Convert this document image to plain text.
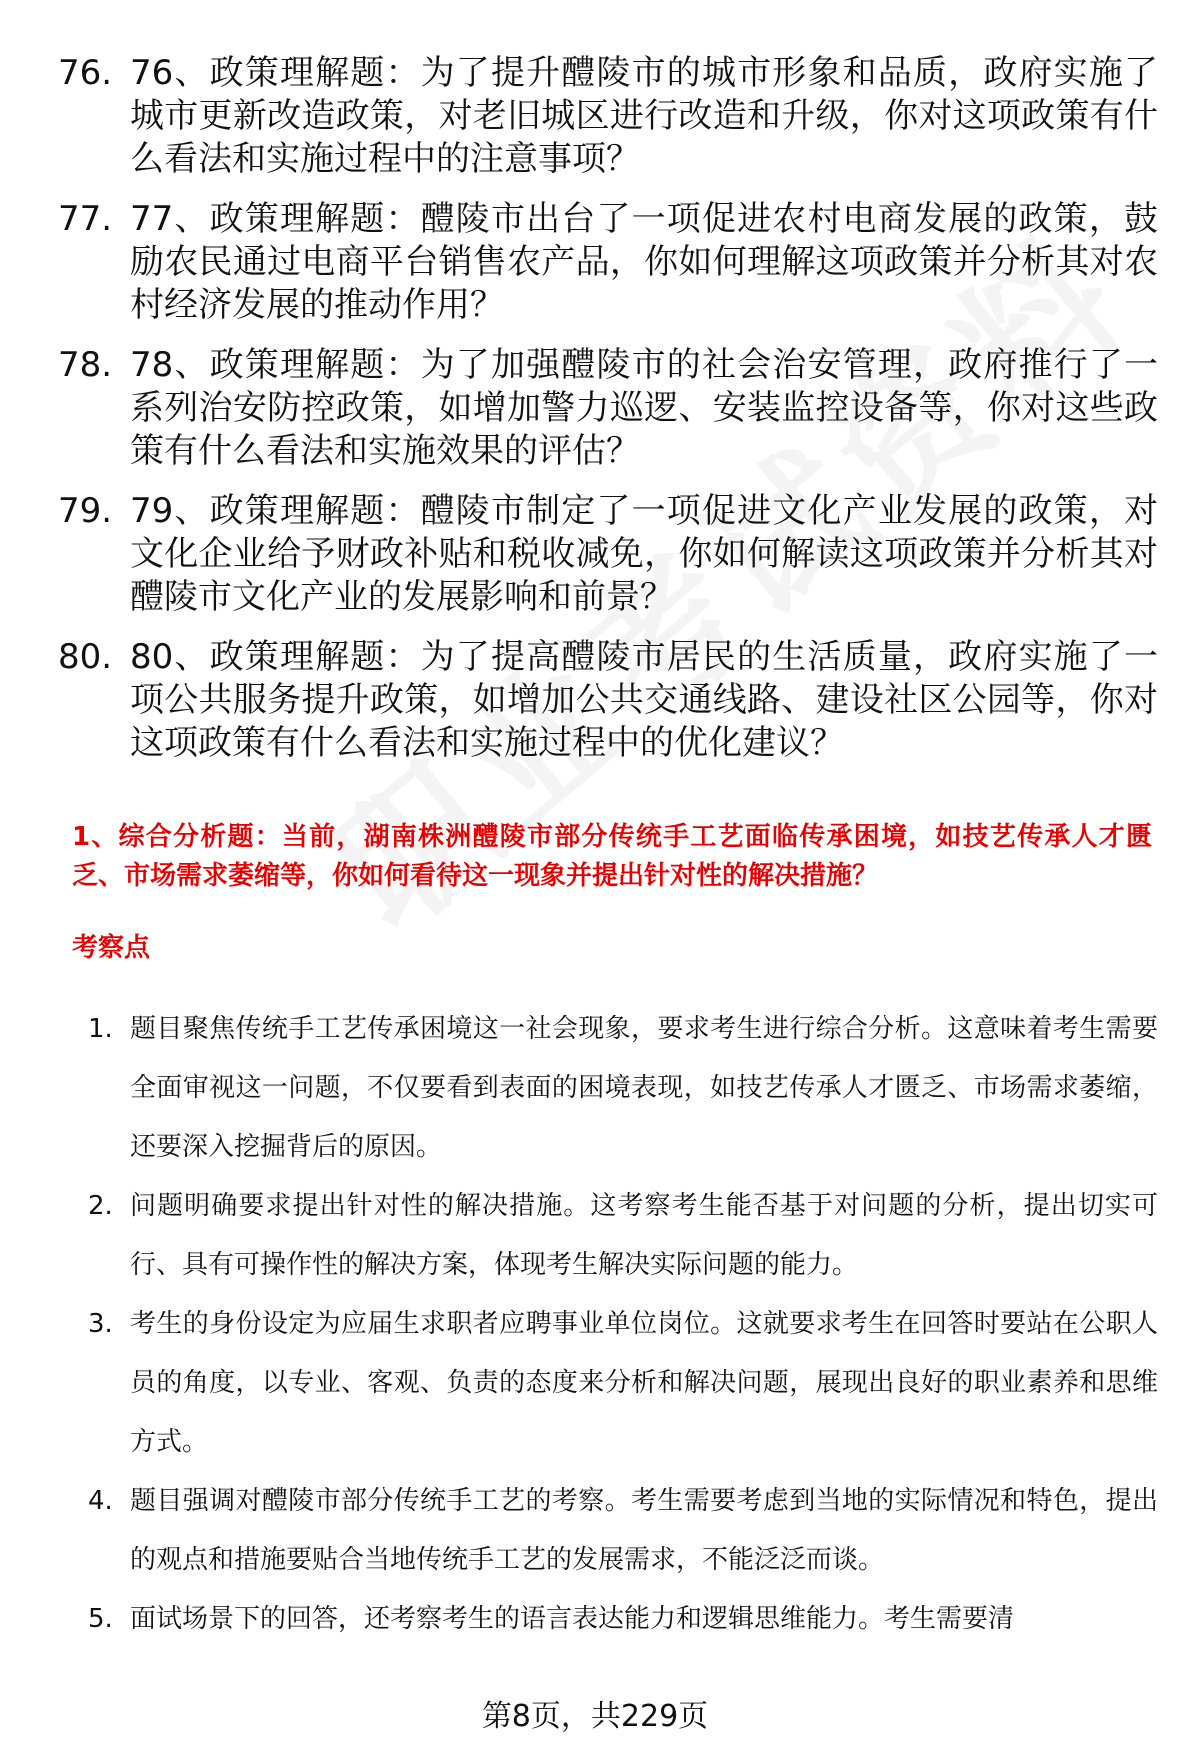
76. 76、政策理解题：为了提升醴陵市的城市形象和品质，政府实施了城市更新改造政策，对老旧城区进行改造和升级，你对这项政策有什么看法和实施过程中的注意事项？
77. 77、政策理解题：醴陵市出台了一项促进农村电商发展的政策，鼓励农民通过电商平台销售农产品，你如何理解这项政策并分析其对农村经济发展的推动作用？
78. 78、政策理解题：为了加强醴陵市的社会治安管理，政府推行了一系列治安防控政策，如增加警力巡逻、安装监控设备等，你对这些政策有什么看法和实施效果的评估？
79. 79、政策理解题：醴陵市制定了一项促进文化产业发展的政策，对文化企业给予财政补贴和税收减免，你如何解读这项政策并分析其对醴陵市文化产业的发展影响和前景？
80. 80、政策理解题：为了提高醴陵市居民的生活质量，政府实施了一项公共服务提升政策，如增加公共交通线路、建设社区公园等，你对这项政策有什么看法和实施过程中的优化建议？
1、综合分析题：当前，湖南株洲醴陵市部分传统手工艺面临传承困境，如技艺传承人才匮乏、市场需求萎缩等，你如何看待这一现象并提出针对性的解决措施？
考察点
1. 题目聚焦传统手工艺传承困境这一社会现象，要求考生进行综合分析。这意味着考生需要全面审视这一问题，不仅要看到表面的困境表现，如技艺传承人才匮乏、市场需求萎缩，还要深入挖掘背后的原因。
2. 问题明确要求提出针对性的解决措施。这考察考生能否基于对问题的分析，提出切实可行、具有可操作性的解决方案，体现考生解决实际问题的能力。
3. 考生的身份设定为应届生求职者应聘事业单位岗位。这就要求考生在回答时要站在公职人员的角度，以专业、客观、负责的态度来分析和解决问题，展现出良好的职业素养和思维方式。
4. 题目强调对醴陵市部分传统手工艺的考察。考生需要考虑到当地的实际情况和特色，提出的观点和措施要贴合当地传统手工艺的发展需求，不能泛泛而谈。
5. 面试场景下的回答，还考察考生的语言表达能力和逻辑思维能力。考生需要清
第8页，共229页
